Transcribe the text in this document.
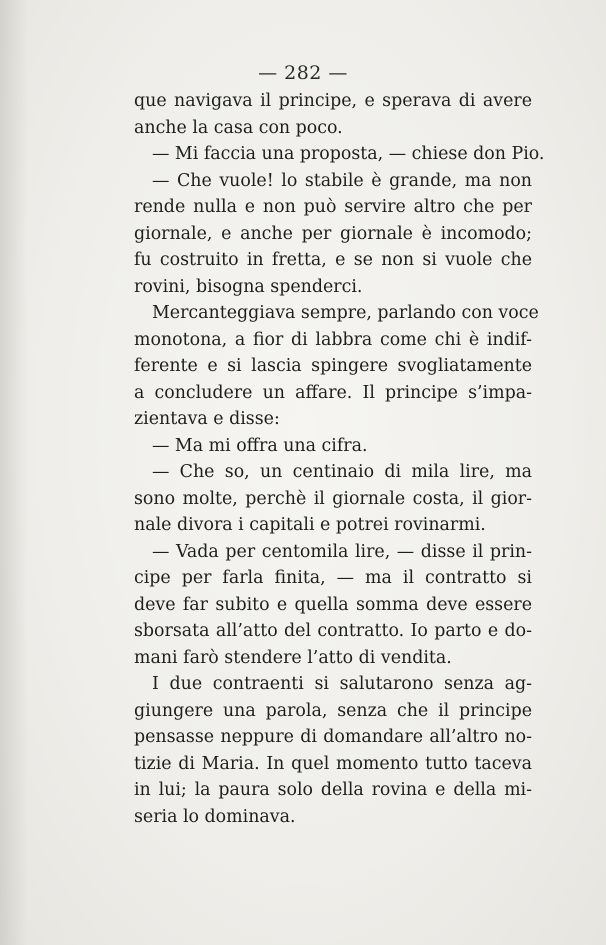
— 282 —

que navigava il principe, e sperava di avere
anche la casa con poco.
— Mi faccia una proposta, — chiese don Pio.
— Che vuole! lo stabile è grande, ma non
rende nulla e non può servire altro che per
giornale, e anche per giornale è incomodo;
fu costruito in fretta, e se non si vuole che
rovini, bisogna spenderci.
Mercanteggiava sempre, parlando con voce
monotona, a fior di labbra come chi è indif-
ferente e si lascia spingere svogliatamente
a concludere un affare. Il principe s’impa-
zientava e disse:
— Ma mi offra una cifra.
— Che so, un centinaio di mila lire, ma
sono molte, perchè il giornale costa, il gior-
nale divora i capitali e potrei rovinarmi.
— Vada per centomila lire, — disse il prin-
cipe per farla finita, — ma il contratto si
deve far subito e quella somma deve essere
sborsata all’atto del contratto. Io parto e do-
mani farò stendere l’atto di vendita.
I due contraenti si salutarono senza ag-
giungere una parola, senza che il principe
pensasse neppure di domandare all’altro no-
tizie di Maria. In quel momento tutto taceva
in lui; la paura solo della rovina e della mi-
seria lo dominava.
